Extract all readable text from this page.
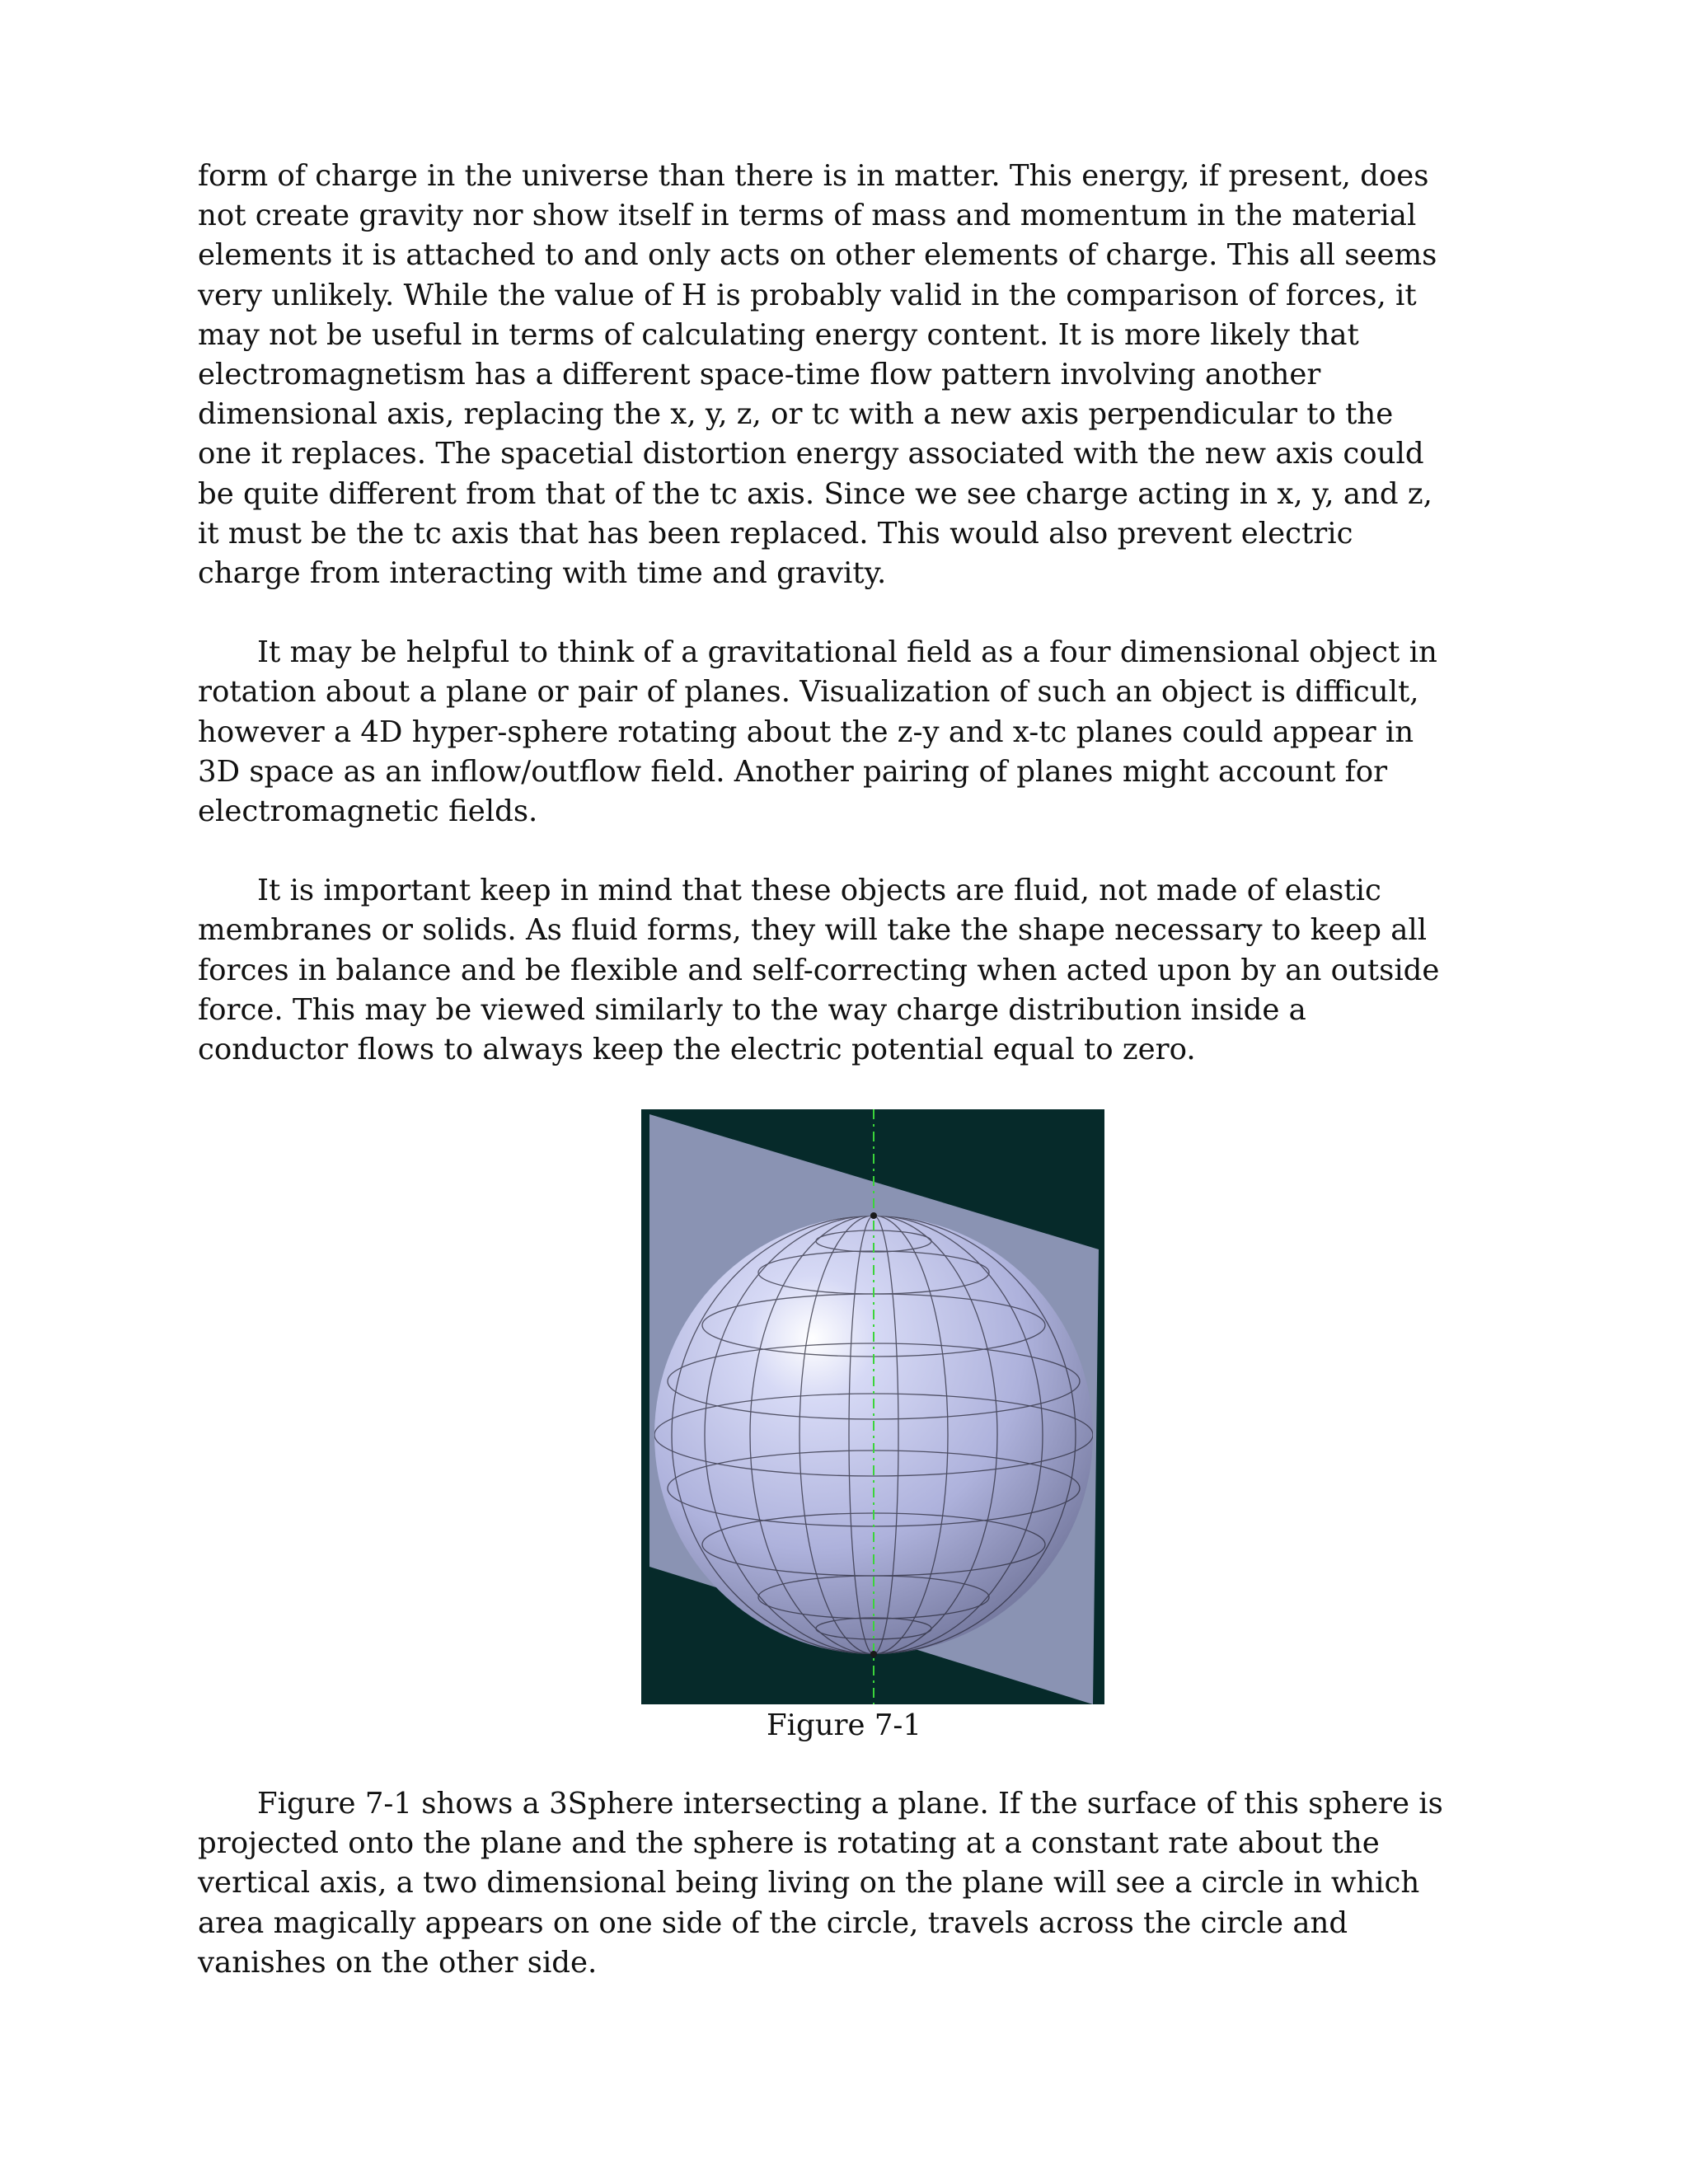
form of charge in the universe than there is in matter. This energy, if present, does
not create gravity nor show itself in terms of mass and momentum in the material
elements it is attached to and only acts on other elements of charge. This all seems
very unlikely. While the value of H is probably valid in the comparison of forces, it
may not be useful in terms of calculating energy content. It is more likely that
electromagnetism has a different space-time flow pattern involving another
dimensional axis, replacing the x, y, z, or tc with a new axis perpendicular to the
one it replaces. The spacetial distortion energy associated with the new axis could
be quite different from that of the tc axis. Since we see charge acting in x, y, and z,
it must be the tc axis that has been replaced. This would also prevent electric
charge from interacting with time and gravity.

It may be helpful to think of a gravitational field as a four dimensional object in
rotation about a plane or pair of planes. Visualization of such an object is difficult,
however a 4D hyper-sphere rotating about the z-y and x-tc planes could appear in
3D space as an inflow/outflow field. Another pairing of planes might account for
electromagnetic fields.

It is important keep in mind that these objects are fluid, not made of elastic
membranes or solids. As fluid forms, they will take the shape necessary to keep all
forces in balance and be flexible and self-correcting when acted upon by an outside
force. This may be viewed similarly to the way charge distribution inside a
conductor flows to always keep the electric potential equal to zero.

Figure 7-1

Figure 7-1 shows a 3Sphere intersecting a plane. If the surface of this sphere is
projected onto the plane and the sphere is rotating at a constant rate about the
vertical axis, a two dimensional being living on the plane will see a circle in which
area magically appears on one side of the circle, travels across the circle and
vanishes on the other side.
